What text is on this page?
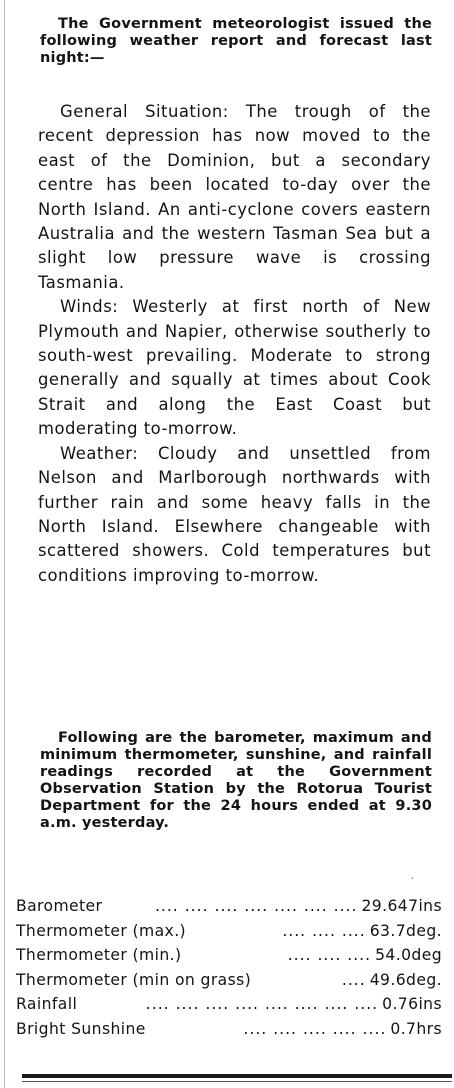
The Government meteorologist issued the following weather report and forecast last night:—

General Situation: The trough of the recent depression has now moved to the east of the Dominion, but a secondary centre has been located to-day over the North Island. An anti-cyclone covers eastern Australia and the western Tasman Sea but a slight low pressure wave is crossing Tasmania.

Winds: Westerly at first north of New Plymouth and Napier, otherwise southerly to south-west prevailing. Moderate to strong generally and squally at times about Cook Strait and along the East Coast but moderating to-morrow.

Weather: Cloudy and unsettled from Nelson and Marlborough northwards with further rain and some heavy falls in the North Island. Elsewhere changeable with scattered showers. Cold temperatures but conditions improving to-morrow.

Following are the barometer, maximum and minimum thermometer, sunshine, and rainfall readings recorded at the Government Observation Station by the Rotorua Tourist Department for the 24 hours ended at 9.30 a.m. yesterday.
‘
Barometer	.... .... .... .... .... .... .... 29.647ins
Thermometer (max.)	.... .... .... 63.7deg.
Thermometer (min.)	.... .... .... 54.0deg
Thermometer (min on grass)	.... 49.6deg.
Rainfall	.... .... .... .... .... .... .... .... 0.76ins
Bright Sunshine	.... .... .... .... .... 0.7hrs
